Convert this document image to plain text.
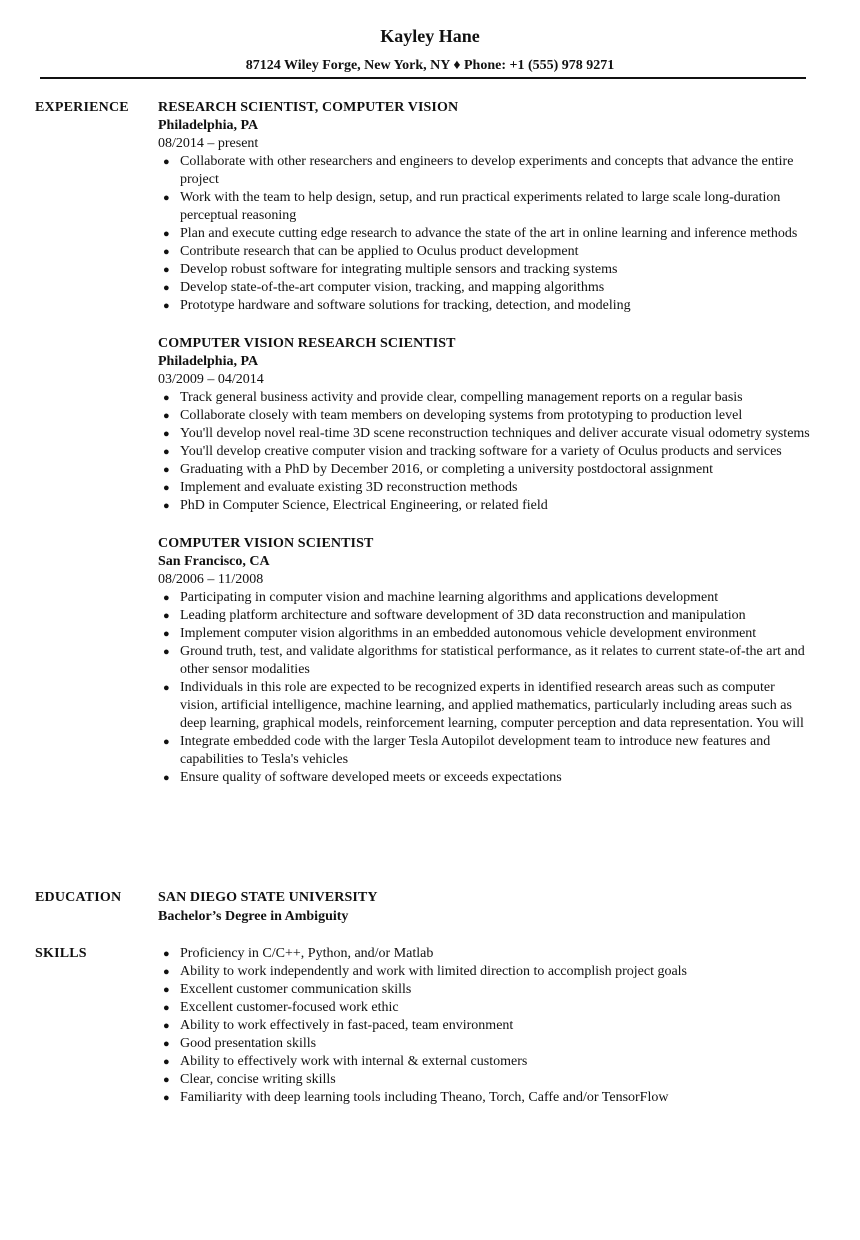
Kayley Hane
87124 Wiley Forge, New York, NY ♦ Phone: +1 (555) 978 9271
EXPERIENCE RESEARCH SCIENTIST, COMPUTER VISION
Philadelphia, PA
08/2014 – present
● Collaborate with other researchers and engineers to develop experiments and concepts that advance the entire project
● Work with the team to help design, setup, and run practical experiments related to large scale long-duration perceptual reasoning
● Plan and execute cutting edge research to advance the state of the art in online learning and inference methods
● Contribute research that can be applied to Oculus product development
● Develop robust software for integrating multiple sensors and tracking systems
● Develop state-of-the-art computer vision, tracking, and mapping algorithms
● Prototype hardware and software solutions for tracking, detection, and modeling
COMPUTER VISION RESEARCH SCIENTIST
Philadelphia, PA
03/2009 – 04/2014
● Track general business activity and provide clear, compelling management reports on a regular basis
● Collaborate closely with team members on developing systems from prototyping to production level
● You'll develop novel real-time 3D scene reconstruction techniques and deliver accurate visual odometry systems
● You'll develop creative computer vision and tracking software for a variety of Oculus products and services
● Graduating with a PhD by December 2016, or completing a university postdoctoral assignment
● Implement and evaluate existing 3D reconstruction methods
● PhD in Computer Science, Electrical Engineering, or related field
COMPUTER VISION SCIENTIST
San Francisco, CA
08/2006 – 11/2008
● Participating in computer vision and machine learning algorithms and applications development
● Leading platform architecture and software development of 3D data reconstruction and manipulation
● Implement computer vision algorithms in an embedded autonomous vehicle development environment
● Ground truth, test, and validate algorithms for statistical performance, as it relates to current state-of-the art and other sensor modalities
● Individuals in this role are expected to be recognized experts in identified research areas such as computer vision, artificial intelligence, machine learning, and applied mathematics, particularly including areas such as deep learning, graphical models, reinforcement learning, computer perception and data representation. You will
● Integrate embedded code with the larger Tesla Autopilot development team to introduce new features and capabilities to Tesla's vehicles
● Ensure quality of software developed meets or exceeds expectations
EDUCATION	SAN DIEGO STATE UNIVERSITY
Bachelor’s Degree in Ambiguity
SKILLS	● Proficiency in C/C++, Python, and/or Matlab
● Ability to work independently and work with limited direction to accomplish project goals
● Excellent customer communication skills
● Excellent customer-focused work ethic
● Ability to work effectively in fast-paced, team environment
● Good presentation skills
● Ability to effectively work with internal & external customers
● Clear, concise writing skills
● Familiarity with deep learning tools including Theano, Torch, Caffe and/or TensorFlow
